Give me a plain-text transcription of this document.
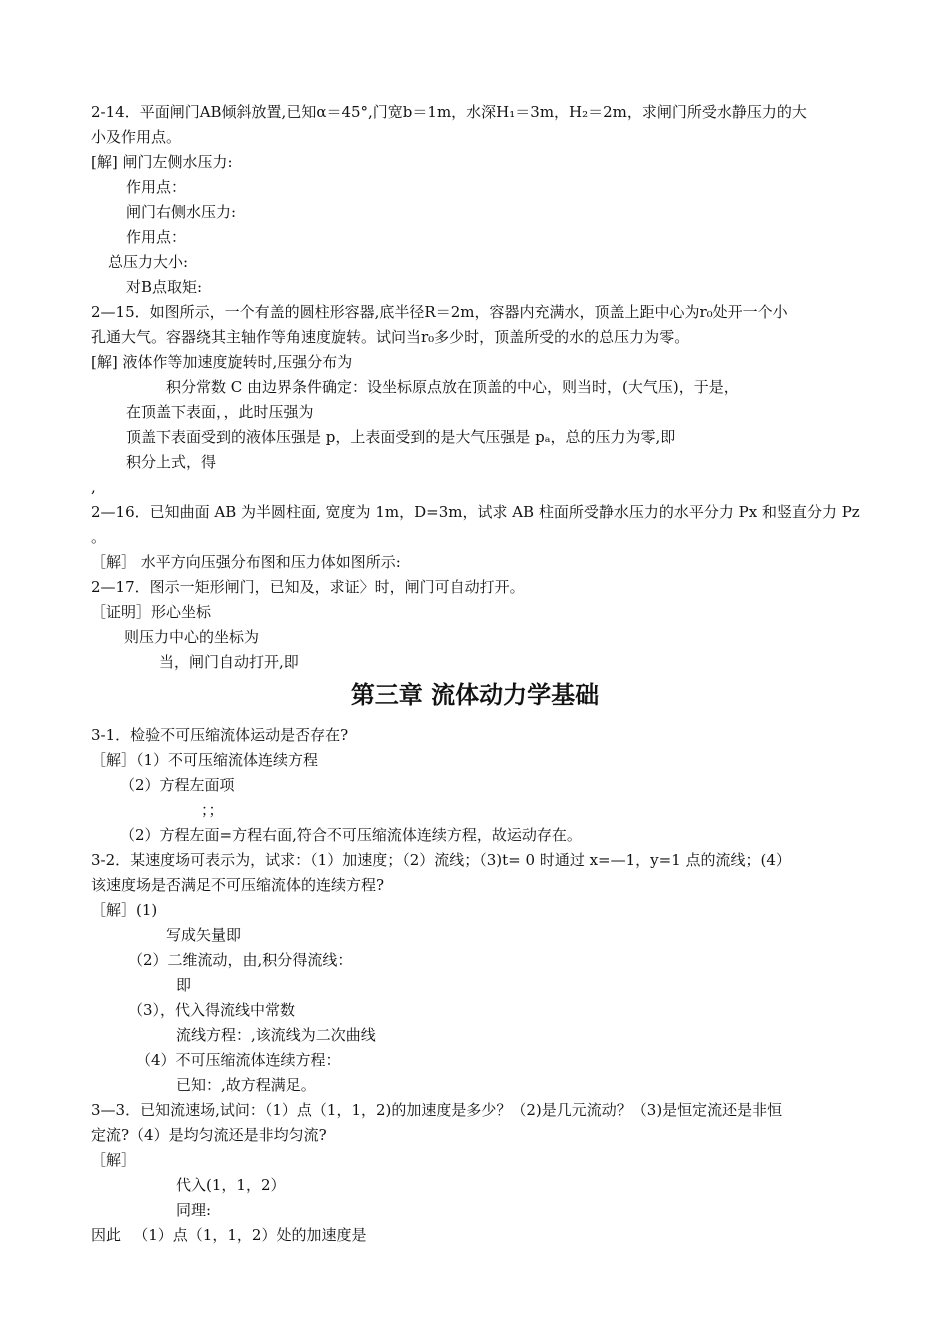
2-14．平面闸门AB倾斜放置,已知α＝45°,门宽b＝1m，水深H₁＝3m，H₂＝2m，求闸门所受水静压力的大
小及作用点。
[解] 闸门左侧水压力:
作用点：
闸门右侧水压力:
作用点：
总压力大小:
对B点取矩:
2—15．如图所示，一个有盖的圆柱形容器,底半径R＝2m，容器内充满水，顶盖上距中心为r₀处开一个小
孔通大气。容器绕其主轴作等角速度旋转。试问当r₀多少时，顶盖所受的水的总压力为零。
[解] 液体作等加速度旋转时,压强分布为
积分常数 C 由边界条件确定：设坐标原点放在顶盖的中心，则当时，(大气压)，于是，
在顶盖下表面，，此时压强为
顶盖下表面受到的液体压强是 p，上表面受到的是大气压强是 pₐ，总的压力为零,即
积分上式，得
,
2—16．已知曲面 AB 为半圆柱面, 宽度为 1m，D=3m，试求 AB 柱面所受静水压力的水平分力 Px 和竖直分力 Pz
。
［解］ 水平方向压强分布图和压力体如图所示:
2—17．图示一矩形闸门，已知及，求证〉时，闸门可自动打开。
［证明］形心坐标
则压力中心的坐标为
当，闸门自动打开,即
第三章 流体动力学基础
3-1．检验不可压缩流体运动是否存在?
［解］（1）不可压缩流体连续方程
（2）方程左面项
；；
（2）方程左面=方程右面,符合不可压缩流体连续方程，故运动存在。
3-2．某速度场可表示为，试求：（1）加速度；（2）流线；（3)t= 0 时通过 x=—1，y=1 点的流线；(4）
该速度场是否满足不可压缩流体的连续方程?
［解］(1)
写成矢量即
（2）二维流动，由,积分得流线：
即
（3），代入得流线中常数
流线方程：,该流线为二次曲线
（4）不可压缩流体连续方程：
已知：,故方程满足。
3—3．已知流速场,试问：（1）点（1，1，2)的加速度是多少？（2)是几元流动？（3)是恒定流还是非恒
定流?（4）是均匀流还是非均匀流?
［解］
代入(1，1，2）
同理:
因此 　（1）点（1，1，2）处的加速度是
